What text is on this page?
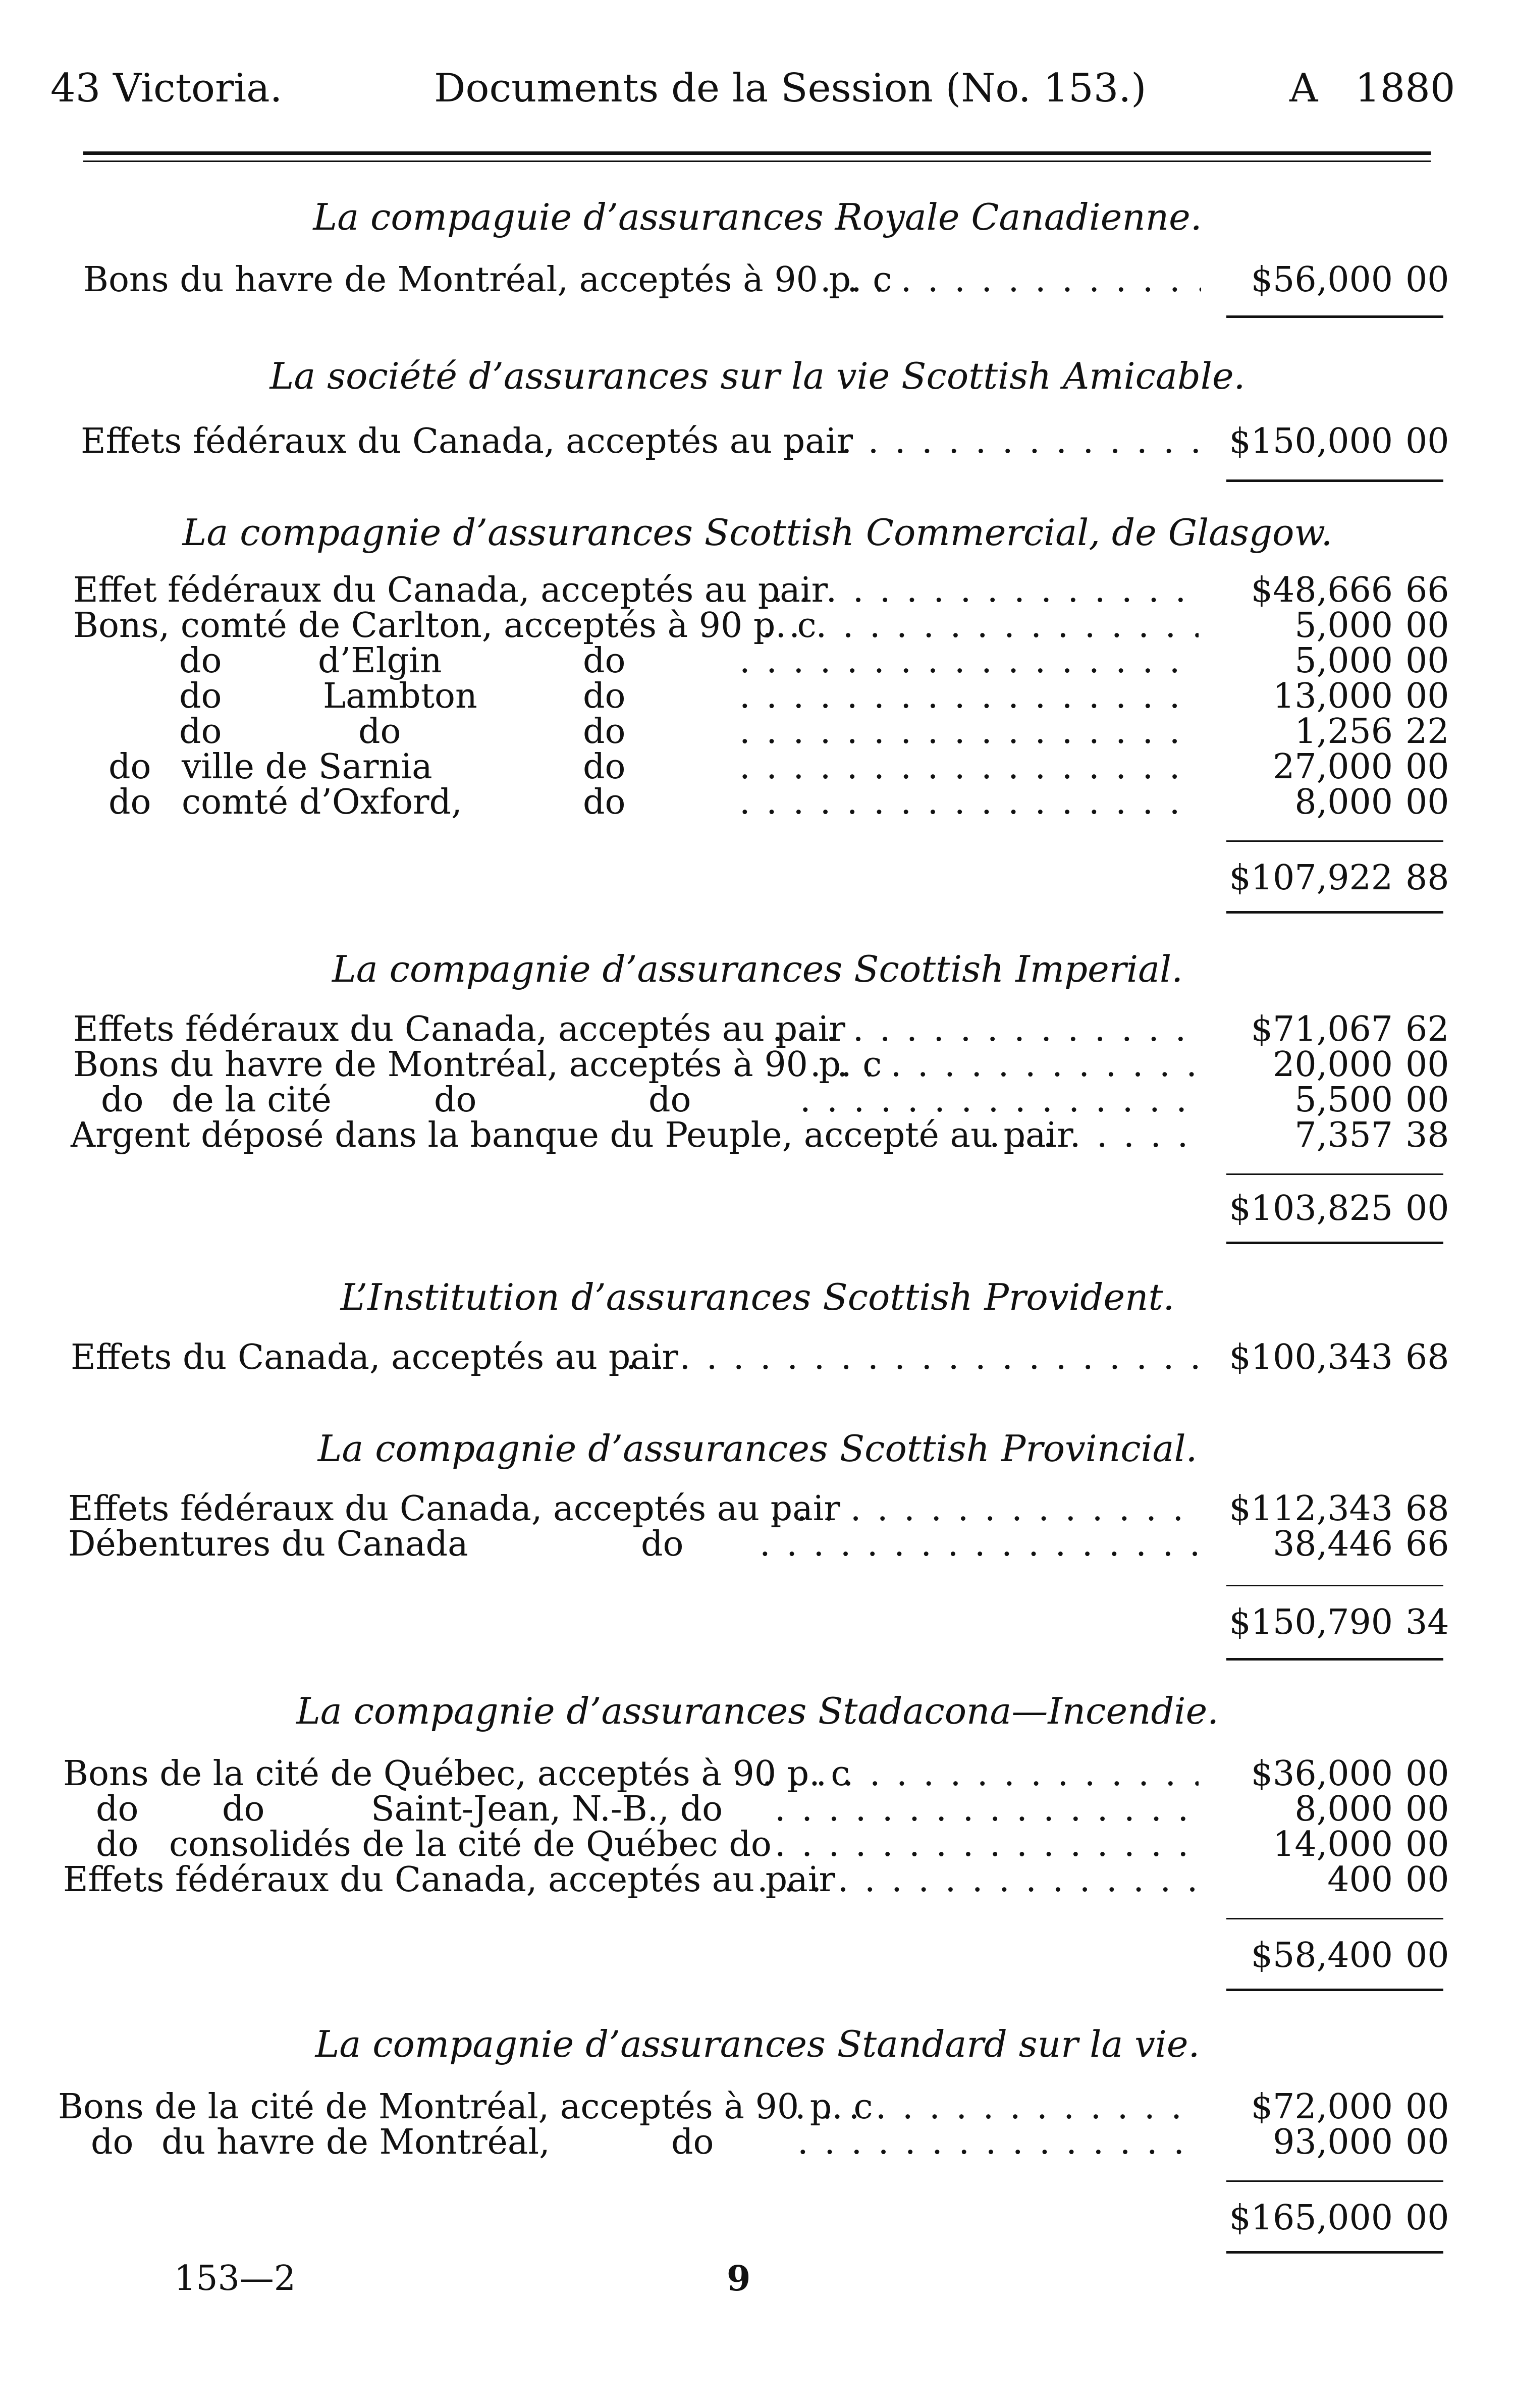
43 Victoria.	Documents de la Session (No. 153.)	A 1880
La compaguie d’assurances Royale Canadienne.
Bons du havre de Montréal, acceptés à 90 p. c . . .	$56,000 00
La société d’assurances sur la vie Scottish Amicable.
Effets fédéraux du Canada, acceptés au pair . . .	$150,000 00
La compagnie d’assurances Scottish Commercial, de Glasgow.
Effet fédéraux du Canada, acceptés au pair . . .	$48,666 66
Bons, comté de Carlton, acceptés à 90 p. c . . .	5,000 00
do	d’Elgin	do . . .	5,000 00
do	Lambton	do . . .	13,000 00
do	do	do . . .	1,256 22
do ville de Sarnia	do . . .	27,000 00
do comté d’Oxford,	do . . .	8,000 00
$107,922 88
La compagnie d’assurances Scottish Imperial.
Effets fédéraux du Canada, acceptés au pair . . .	$71,067 62
Bons du havre de Montréal, acceptés à 90 p. c . . .	20,000 00
do de la cité	do	do . . .	5,500 00
Argent déposé dans la banque du Peuple, accepté au pair . . .	7,357 38
$103,825 00
L’Institution d’assurances Scottish Provident.
Effets du Canada, acceptés au pair . . .	$100,343 68
La compagnie d’assurances Scottish Provincial.
Effets fédéraux du Canada, acceptés au pair . . .	$112,343 68
Débentures du Canada	do . . .	38,446 66
$150,790 34
La compagnie d’assurances Stadacona—Incendie.
Bons de la cité de Québec, acceptés à 90 p. c . . .	$36,000 00
do do	Saint-Jean, N.-B., do . . .	8,000 00
do consolidés de la cité de Québec do . . .	14,000 00
Effets fédéraux du Canada, acceptés au pair . . .	400 00
$58,400 00
La compagnie d’assurances Standard sur la vie.
Bons de la cité de Montréal, acceptés à 90 p. c . . .	$72,000 00
do du havre de Montréal,	do . . .	93,000 00
$165,000 00
153—2	9
